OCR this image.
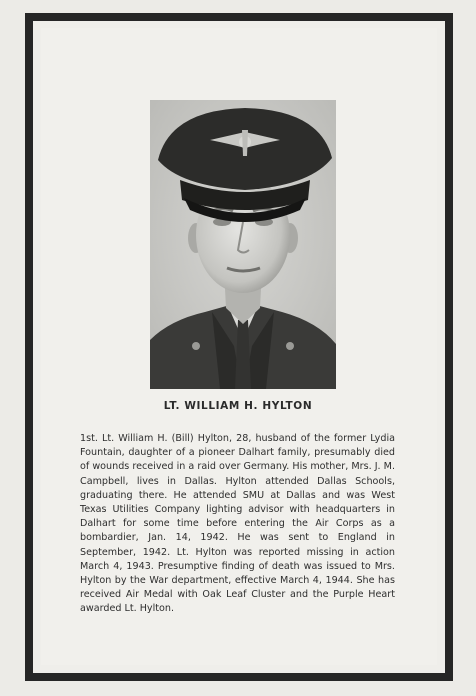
LT. WILLIAM H. HYLTON
1st. Lt. William H. (Bill) Hylton, 28, husband of the former Lydia Fountain, daughter of a pioneer Dalhart family, presumably died of wounds received in a raid over Germany. His mother, Mrs. J. M. Campbell, lives in Dallas. Hylton attended Dallas Schools, graduating there. He attended SMU at Dallas and was West Texas Utilities Company lighting advisor with headquarters in Dalhart for some time before entering the Air Corps as a bombardier, Jan. 14, 1942. He was sent to England in September, 1942. Lt. Hylton was reported missing in action March 4, 1943. Presumptive finding of death was issued to Mrs. Hylton by the War department, effective March 4, 1944. She has received Air Medal with Oak Leaf Cluster and the Purple Heart awarded Lt. Hylton.
